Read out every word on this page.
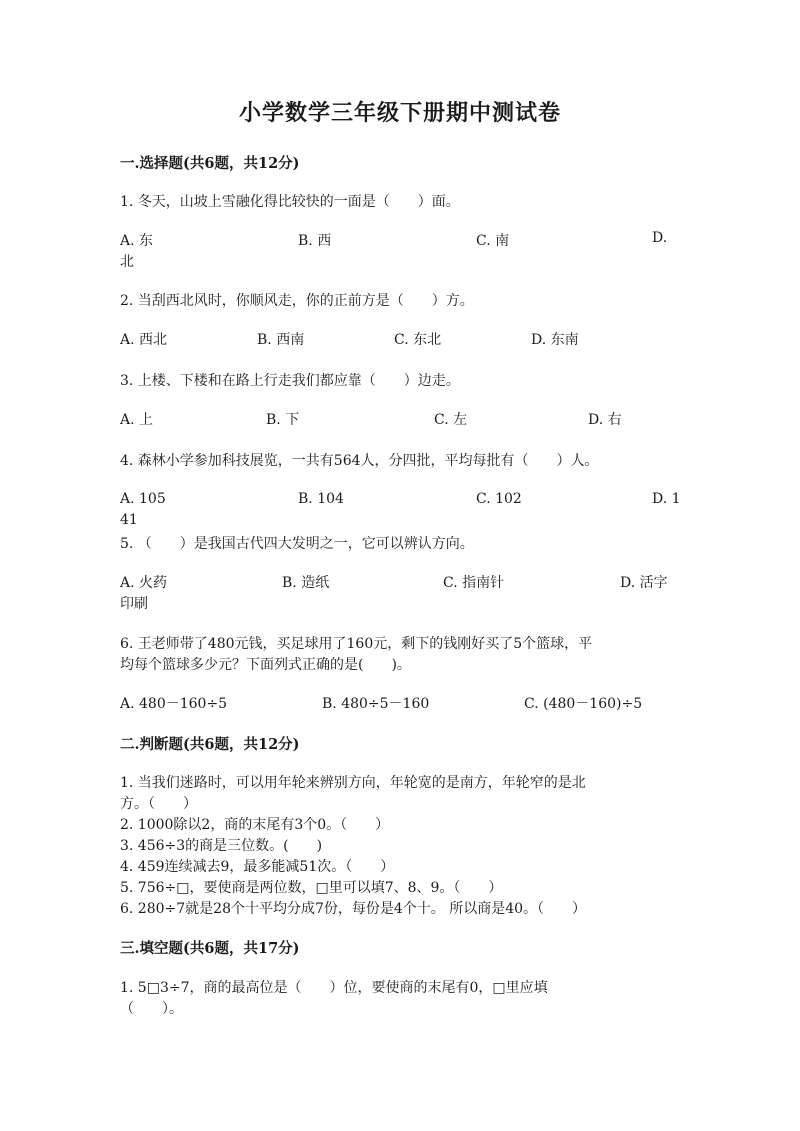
小学数学三年级下册期中测试卷
一.选择题(共6题，共12分)
1. 冬天，山坡上雪融化得比较快的一面是（　　）面。
A. 东	B. 西	C. 南	D.
北
2. 当刮西北风时，你顺风走，你的正前方是（　　）方。
A. 西北	B. 西南	C. 东北	D. 东南
3. 上楼、下楼和在路上行走我们都应靠（　　）边走。
A. 上	B. 下	C. 左	D. 右
4. 森林小学参加科技展览，一共有564人，分四批，平均每批有（　　）人。
A. 105	B. 104	C. 102	D. 1
41
5. （　　）是我国古代四大发明之一，它可以辨认方向。
A. 火药	B. 造纸	C. 指南针	D. 活字
印刷
6. 王老师带了480元钱，买足球用了160元，剩下的钱刚好买了5个篮球，平
均每个篮球多少元？下面列式正确的是(　　)。
A. 480－160÷5	B. 480÷5－160	C. (480－160)÷5
二.判断题(共6题，共12分)
1. 当我们迷路时，可以用年轮来辨别方向，年轮宽的是南方，年轮窄的是北
方。（　　）
2. 1000除以2，商的末尾有3个0。（　　）
3. 456÷3的商是三位数。(　　)
4. 459连续减去9，最多能减51次。（　　）
5. 756÷□，要使商是两位数，□里可以填7、8、9。（　　）
6. 280÷7就是28个十平均分成7份，每份是4个十。 所以商是40。（　　）
三.填空题(共6题，共17分)
1. 5□3÷7，商的最高位是（　　）位，要使商的末尾有0，□里应填
（　　）。
